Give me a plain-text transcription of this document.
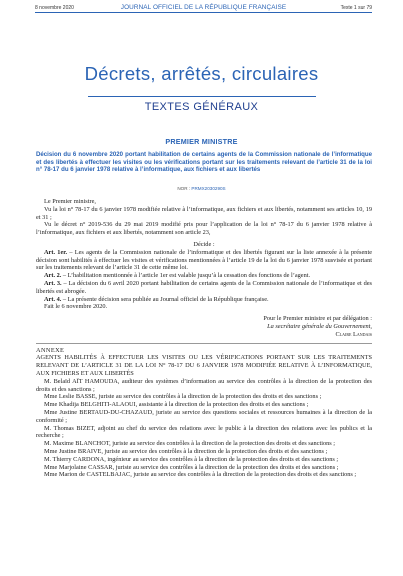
8 novembre 2020	JOURNAL OFFICIEL DE LA RÉPUBLIQUE FRANÇAISE	Texte 1 sur 79
Décrets, arrêtés, circulaires
TEXTES GÉNÉRAUX
PREMIER MINISTRE
Décision du 6 novembre 2020 portant habilitation de certains agents de la Commission nationale de l’informatique et des libertés à effectuer les visites ou les vérifications portant sur les traitements relevant de l’article 31 de la loi n° 78-17 du 6 janvier 1978 relative à l’informatique, aux fichiers et aux libertés
NOR : PRMX2030290S

Le Premier ministre,

Vu la loi n° 78-17 du 6 janvier 1978 modifiée relative à l’informatique, aux fichiers et aux libertés, notamment ses articles 10, 19 et 31 ;

Vu le décret n° 2019-536 du 29 mai 2019 modifié pris pour l’application de la loi n° 78-17 du 6 janvier 1978 relative à l’informatique, aux fichiers et aux libertés, notamment son article 23,

Décide :

Art. 1er. – Les agents de la Commission nationale de l’informatique et des libertés figurant sur la liste annexée à la présente décision sont habilités à effectuer les visites et vérifications mentionnées à l’article 19 de la loi du 6 janvier 1978 susvisée et portant sur les traitements relevant de l’article 31 de cette même loi.

Art. 2. – L’habilitation mentionnée à l’article 1er est valable jusqu’à la cessation des fonctions de l’agent.

Art. 3. – La décision du 6 avril 2020 portant habilitation de certains agents de la Commission nationale de l’informatique et des libertés est abrogée.

Art. 4. – La présente décision sera publiée au Journal officiel de la République française.

Fait le 6 novembre 2020.

Pour le Premier ministre et par délégation :

La secrétaire générale du Gouvernement,

Claire Landais

ANNEXE

AGENTS HABILITÉS À EFFECTUER LES VISITES OU LES VÉRIFICATIONS PORTANT SUR LES TRAITEMENTS RELEVANT DE L’ARTICLE 31 DE LA LOI N° 78-17 DU 6 JANVIER 1978 MODIFIÉE RELATIVE À L’INFORMATIQUE, AUX FICHIERS ET AUX LIBERTÉS

M. Belaïd AÏT HAMOUDA, auditeur des systèmes d’information au service des contrôles à la direction de la protection des droits et des sanctions ;

Mme Leslie BASSE, juriste au service des contrôles à la direction de la protection des droits et des sanctions ;

Mme Khadija BELGHITI-ALAOUI, assistante à la direction de la protection des droits et des sanctions ;

Mme Justine BERTAUD-DU-CHAZAUD, juriste au service des questions sociales et ressources humaines à la direction de la conformité ;

M. Thomas BIZET, adjoint au chef du service des relations avec le public à la direction des relations avec les publics et la recherche ;

M. Maxime BLANCHOT, juriste au service des contrôles à la direction de la protection des droits et des sanctions ;

Mme Justine BRAIVE, juriste au service des contrôles à la direction de la protection des droits et des sanctions ;

M. Thierry CARDONA, ingénieur au service des contrôles à la direction de la protection des droits et des sanctions ;

Mme Marjolaine CASSAR, juriste au service des contrôles à la direction de la protection des droits et des sanctions ;

Mme Marion de CASTELBAJAC, juriste au service des contrôles à la direction de la protection des droits et des sanctions ;
